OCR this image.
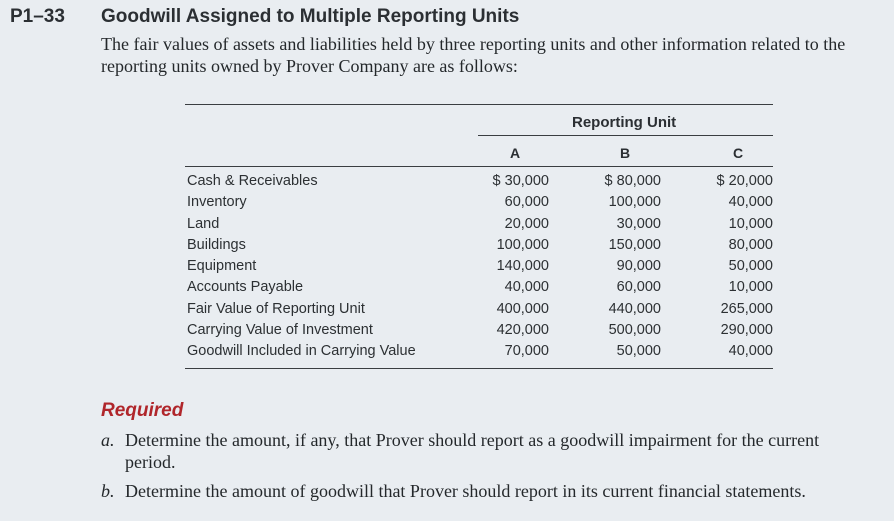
P1–33 Goodwill Assigned to Multiple Reporting Units
The fair values of assets and liabilities held by three reporting units and other information related to the reporting units owned by Prover Company are as follows:
Reporting Unit
A	B	C
Cash & Receivables	$ 30,000	$ 80,000	$ 20,000
Inventory	60,000	100,000	40,000
Land	20,000	30,000	10,000
Buildings	100,000	150,000	80,000
Equipment	140,000	90,000	50,000
Accounts Payable	40,000	60,000	10,000
Fair Value of Reporting Unit	400,000	440,000	265,000
Carrying Value of Investment	420,000	500,000	290,000
Goodwill Included in Carrying Value	70,000	50,000	40,000
Required
a. Determine the amount, if any, that Prover should report as a goodwill impairment for the current period.
b. Determine the amount of goodwill that Prover should report in its current financial statements.
